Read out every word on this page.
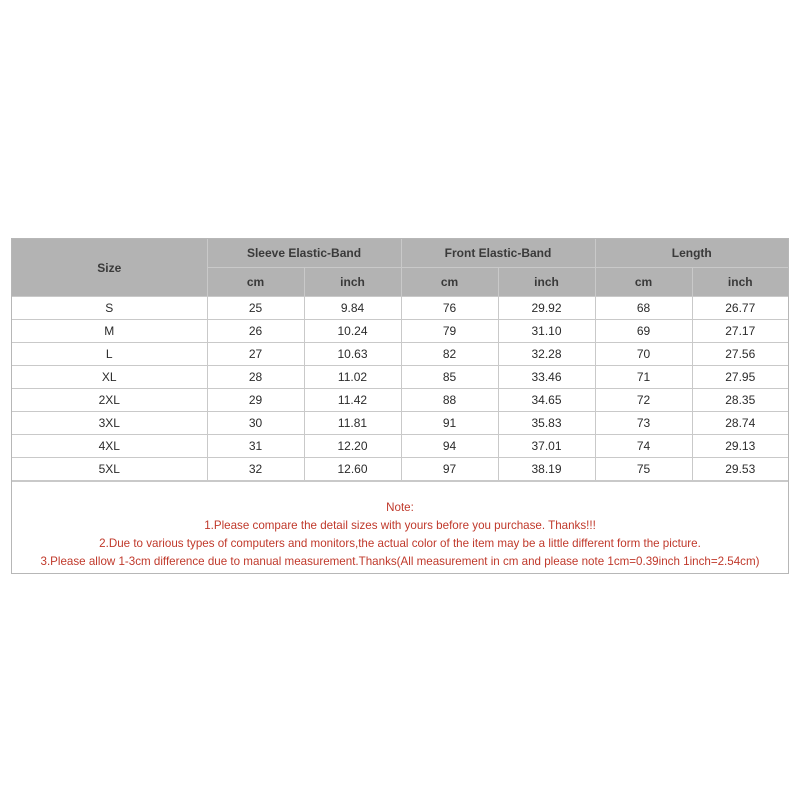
Size	Sleeve Elastic-Band		Front Elastic-Band		Length	
	cm	inch	cm	inch	cm	inch
S	25	9.84	76	29.92	68	26.77
M	26	10.24	79	31.10	69	27.17
L	27	10.63	82	32.28	70	27.56
XL	28	11.02	85	33.46	71	27.95
2XL	29	11.42	88	34.65	72	28.35
3XL	30	11.81	91	35.83	73	28.74
4XL	31	12.20	94	37.01	74	29.13
5XL	32	12.60	97	38.19	75	29.53
Note:
1.Please compare the detail sizes with yours before you purchase. Thanks!!!
2.Due to various types of computers and monitors,the actual color of the item may be a little different form the picture.
3.Please allow 1-3cm difference due to manual measurement.Thanks(All measurement in cm and please note 1cm=0.39inch 1inch=2.54cm)
